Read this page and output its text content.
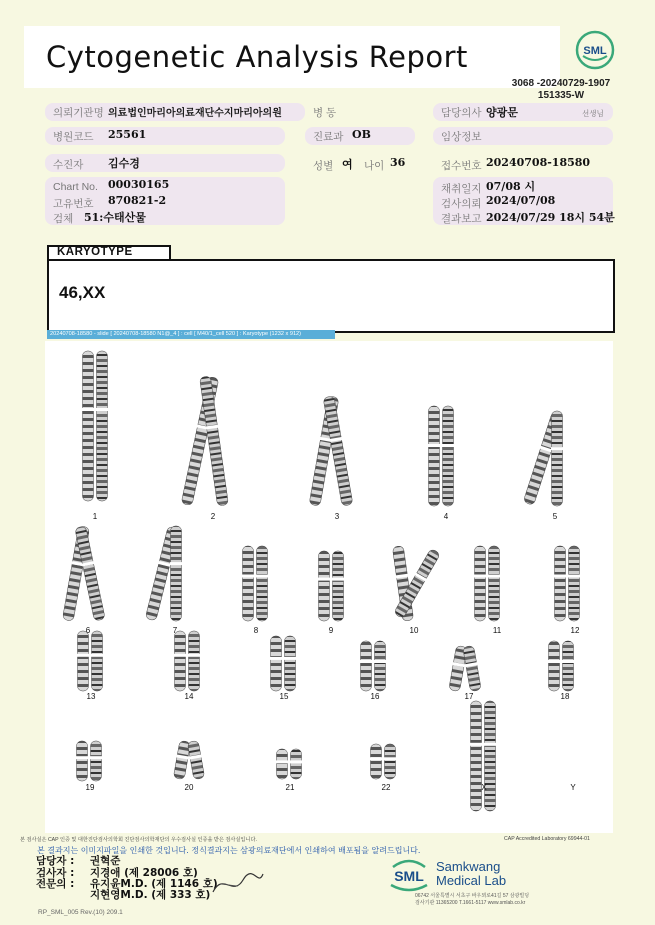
Cytogenetic Analysis Report	SML
3068 -20240729-1907
151335-W
의뢰기관명 의료법인마리아의료재단수지마리아의원	병 동	담당의사 양광문	선생님
병원코드 25561	진료과 OB	임상정보
수진자 김수경	성별 여 나이 36	접수번호 20240708-18580
Chart No. 00030165
고유번호 870821-2
검체 51:수태산물
채취일지 07/08 시
검사의뢰 2024/07/08
결과보고 2024/07/29 18시 54분
KARYOTYPE
46,XX
20240708-18580 - slide [ 20240708-18580 N1@_4 ] : cell [ M40/1_cell 520 ] : Karyotype (1232 x 912)
1	2	3	4	5
6	7	8	9	10	11	12
13	14	15	16	17	18
19	20	21	22	X	Y
본 검사실은 CAP 인증 및 대한진단검사의학회 진단검사의학재단의 우수검사실 인증을 받은 검사실입니다.	CAP Accredited Laboratory 69944-01
본 결과지는 이미지파일을 인쇄한 것입니다. 정식결과지는 삼광의료재단에서 인쇄하여 배포됨을 알려드립니다.
담당자 :	권혁준
검사자 : 지경애 (제 28006 호)
전문의 : 유지윤M.D. (제 1146 호)
지현영M.D. (제 333 호)
RP_SML_005 Rev.(10) 209.1
SML
Samkwang
Medical Lab
06742 서울특별시 서초구 바우뫼로41길 57 삼광빌딩
검사기관 11365200 T.1661-5117 www.smlab.co.kr
